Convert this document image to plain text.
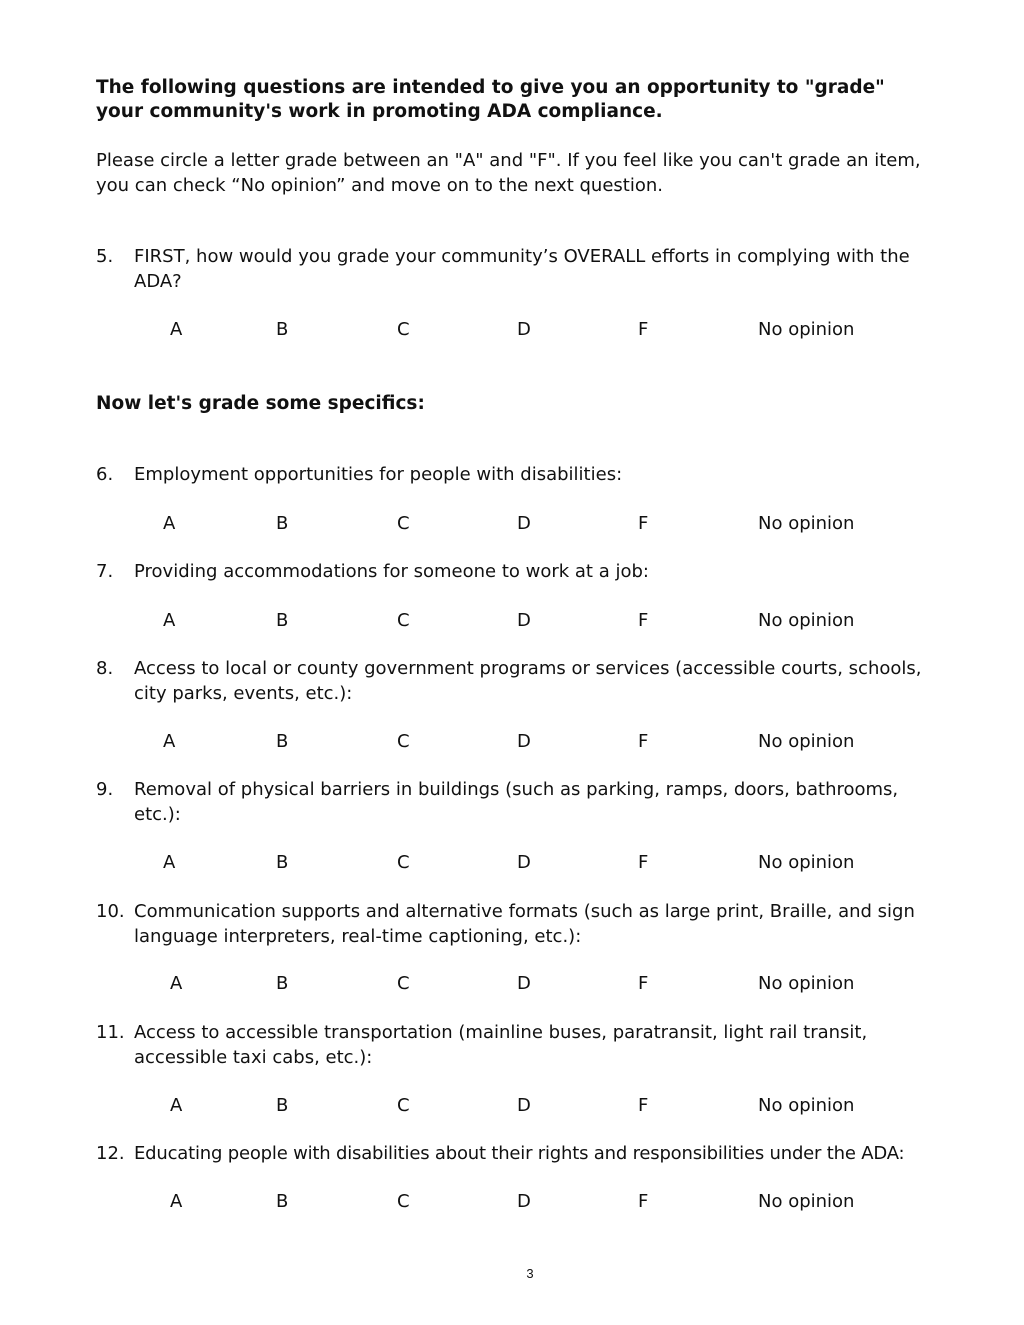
The following questions are intended to give you an opportunity to "grade" your community's work in promoting ADA compliance.
Please circle a letter grade between an "A" and "F". If you feel like you can't grade an item, you can check “No opinion” and move on to the next question.
5. FIRST, how would you grade your community’s OVERALL efforts in complying with the ADA?
A	B	C	D	F	No opinion
Now let's grade some specifics:
6. Employment opportunities for people with disabilities:
A	B	C	D	F	No opinion
7. Providing accommodations for someone to work at a job:
A	B	C	D	F	No opinion
8. Access to local or county government programs or services (accessible courts, schools, city parks, events, etc.):
A	B	C	D	F	No opinion
9. Removal of physical barriers in buildings (such as parking, ramps, doors, bathrooms, etc.):
A	B	C	D	F	No opinion
10. Communication supports and alternative formats (such as large print, Braille, and sign language interpreters, real-time captioning, etc.):
A	B	C	D	F	No opinion
11. Access to accessible transportation (mainline buses, paratransit, light rail transit, accessible taxi cabs, etc.):
A	B	C	D	F	No opinion
12. Educating people with disabilities about their rights and responsibilities under the ADA:
A	B	C	D	F	No opinion
3
